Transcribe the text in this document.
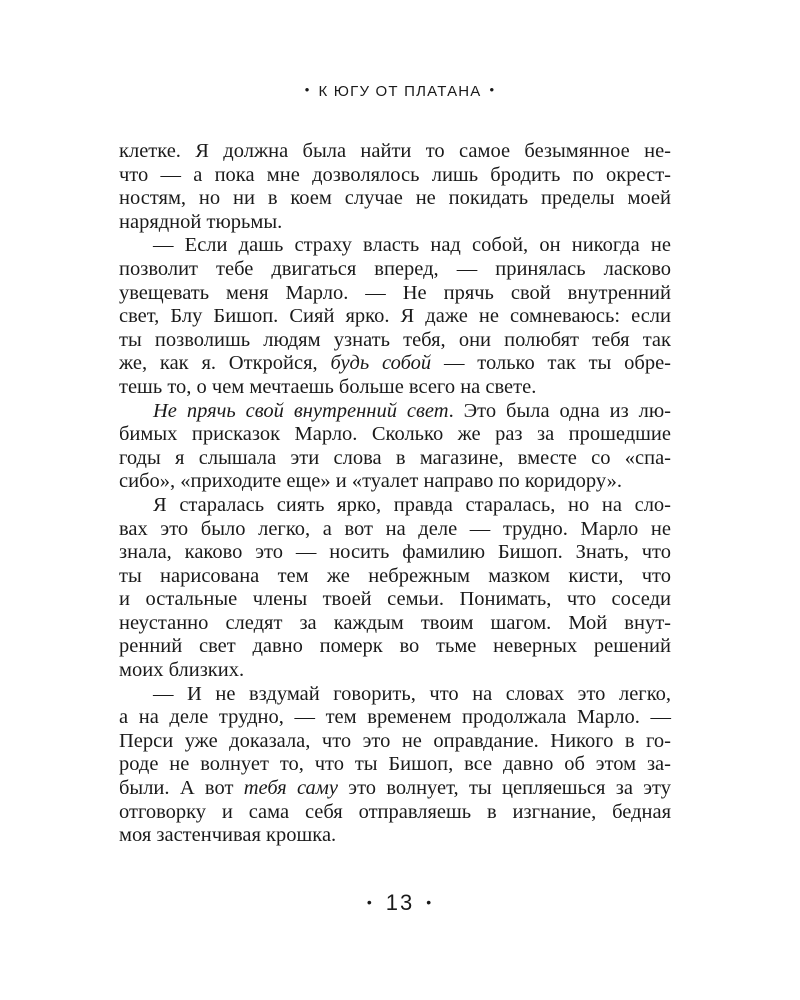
• К ЮГУ ОТ ПЛАТАНА •
клетке. Я должна была найти то самое безымянное не-
что — а пока мне дозволялось лишь бродить по окрест-
ностям, но ни в коем случае не покидать пределы моей
нарядной тюрьмы.
— Если дашь страху власть над собой, он никогда не
позволит тебе двигаться вперед, — принялась ласково
увещевать меня Марло. — Не прячь свой внутренний
свет, Блу Бишоп. Сияй ярко. Я даже не сомневаюсь: если
ты позволишь людям узнать тебя, они полюбят тебя так
же, как я. Откройся, будь собой — только так ты обре-
тешь то, о чем мечтаешь больше всего на свете.
Не прячь свой внутренний свет. Это была одна из лю-
бимых присказок Марло. Сколько же раз за прошедшие
годы я слышала эти слова в магазине, вместе со «спа-
сибо», «приходите еще» и «туалет направо по коридору».
Я старалась сиять ярко, правда старалась, но на сло-
вах это было легко, а вот на деле — трудно. Марло не
знала, каково это — носить фамилию Бишоп. Знать, что
ты нарисована тем же небрежным мазком кисти, что
и остальные члены твоей семьи. Понимать, что соседи
неустанно следят за каждым твоим шагом. Мой внут-
ренний свет давно померк во тьме неверных решений
моих близких.
— И не вздумай говорить, что на словах это легко,
а на деле трудно, — тем временем продолжала Марло. —
Перси уже доказала, что это не оправдание. Никого в го-
роде не волнует то, что ты Бишоп, все давно об этом за-
были. А вот тебя саму это волнует, ты цепляешься за эту
отговорку и сама себя отправляешь в изгнание, бедная
моя застенчивая крошка.
• 13 •
